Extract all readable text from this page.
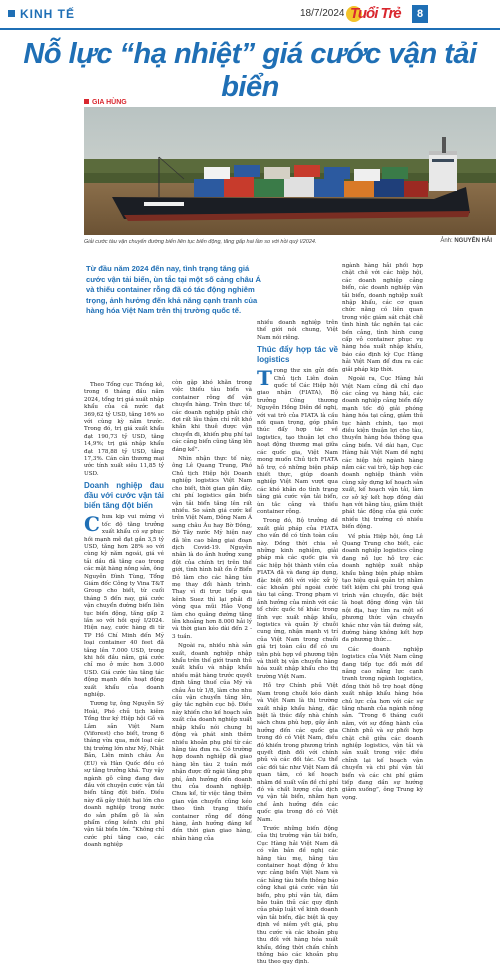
KINH TẾ	18/7/2024 Tuổi Trẻ	8
Nỗ lực “hạ nhiệt” giá cước vận tải biển
GIA HÙNG
Giải cước tàu vận chuyển đường biển liên tục biến động, tăng gấp hai lần so với hồi quý I/2024.	Ảnh: NGUYỄN HẢI
Từ đầu năm 2024 đến nay, tình trạng tăng giá cước vận tải biển, ùn tắc tại một số cảng châu Á và thiếu container rỗng đã có tác động nghiêm trọng, ảnh hưởng đến khả năng cạnh tranh của hàng hóa Việt Nam trên thị trường quốc tế.

Theo Tổng cục Thống kê, trong 6 tháng đầu năm 2024, tổng trị giá xuất nhập khẩu của cả nước đạt 369,62 tỷ USD, tăng 16% so với cùng kỳ năm trước. Trong đó, trị giá xuất khẩu đạt 190,73 tỷ USD, tăng 14,9%; trị giá nhập khẩu đạt 178,88 tỷ USD, tăng 17,3%. Cán cân thương mại ước tính xuất siêu 11,85 tỷ USD.

Doanh nghiệp đau đầu với cước vận tải biển tăng đột biến

Chưa kịp vui mừng vì tốc độ tăng trưởng xuất khẩu có sự phục hồi mạnh mẽ đạt gần 3,5 tỷ USD, tăng hơn 28% so với cùng kỳ năm ngoái, giá vé tải dầu đã tăng cao trong các mặt hàng nông sản, ông Nguyễn Đình Tùng, Tổng Giám đốc Công ty Vina T&T Group cho biết, từ cuối tháng 5 đến nay, giá cước vận chuyển đường biển liên tục biến động, tăng gấp 2 lần so với hồi quý I/2024. Hiện nay, cước hàng đi từ TP Hồ Chí Minh đến Mỹ loại container 40 feet đã tăng lên 7.000 USD, trong khi hồi đầu năm, giá cước chỉ mo ở mức hơn 3.000 USD. Giá cước tàu tăng tác động mạnh đến hoạt động xuất khẩu của doanh nghiệp.

Tương tự, ông Nguyễn Sỹ Hoài, Phó chủ tịch kiêm Tổng thư ký Hiệp hội Gỗ và Lâm sản Việt Nam (Viforest) cho biết, trong 6 tháng vừa qua, mới loại các thị trường lớn như Mỹ, Nhật Bản, Liên minh châu Âu (EU) và Hàn Quốc đều có sự tăng trưởng khá. Tuy vậy ngành gỗ cũng đang đau đầu với chuyện cước vận tải biển tăng đột biến. Điều này đã gây thiệt hại lớn cho doanh nghiệp trong nước do sản phẩm gỗ là sản phẩm cồng kềnh chi phí vận tải biển lớn. “Không chỉ cước phí tăng cao, các doanh nghiệp

còn gặp khó khăn trong việc thiếu tàu biển và container rỗng để vận chuyển hàng. Trên thực tế, các doanh nghiệp phải chờ đợi rất lâu thậm chí rất khó khăn khi thuê được vận chuyển đi, khiến phụ phí tại các cảng biển cũng tăng lên đáng kể”.

Nhìn nhận thực tế này, ông Lê Quang Trung, Phó Chủ tịch Hiệp hội Doanh nghiệp logistics Việt Nam cho biết, thời gian gần đây, chi phí logistics gần biển vận tải biển tăng lên rất nhiều. So sánh giá cước kể trên Việt Nam, Đông Nam Á sang châu Âu hay Bờ Đông, Bờ Tây nước Mỹ hiện nay đã lên cao bằng giai đoạn dịch Covid-19. Nguyên nhân là do ảnh hưởng xung đột của chính trị trên thế giới, tình hình bất ổn ở Biển Đỏ làm cho các hãng tàu mẹ thay đổi hành trình. Thay vì đi trực tiếp qua kênh Suez thì lại phải đi vòng qua mũi Hảo Vọng làm cho quãng đường tăng lên khoảng hơn 8.000 hải lý và thời gian kéo dài đến 2 - 3 tuần.

Ngoài ra, nhiều nhà sản xuất, doanh nghiệp nhập khẩu trên thế giới tranh thủ xuất khẩu và nhập khẩu nhiều mặt hàng trước quyết định tăng thuế của Mỹ và châu Âu từ 1/8, làm cho nhu cầu vận chuyển tăng lên, gây tắc nghẽn cục bộ. Điều này khiến cho kế hoạch sản xuất của doanh nghiệp xuất nhập khẩu nói chung bị động và phát sinh thêm nhiều khoản phụ phí từ các hãng tàu đưa ra. Có trường hợp doanh nghiệp đã giao hàng lên tàu 2 tuần mới nhận được dữ ngài tăng phụ phí, ảnh hưởng đến doanh thu của doanh nghiệp. Chưa kể, từ việc tăng thêm gian vận chuyển cũng kéo theo tình trạng thiếu container rỗng để đóng hàng, ảnh hưởng đáng kể đến thời gian giao hàng, nhân hàng của

nhiều doanh nghiệp trên thế giới nói chung, Việt Nam nói riêng.

Thúc đẩy hợp tác về logistics

Trong thư xin gửi đến Chủ tịch Liên đoàn quốc tế Các Hiệp hội giao nhận (FIATA), Bộ trưởng Công thương Nguyễn Hồng Diên đề nghị, với vai trò của FIATA là cầu nối quan trọng, góp phần thúc đẩy hợp tác về logistics, tạo thuận lợi cho hoạt động thương mại giữa các quốc gia, Việt Nam mong muốn Chủ tịch FIATA hỗ trợ, có những biện pháp thiết thực, giúp doanh nghiệp Việt Nam vượt qua các khó khăn do tình trạng tăng giá cước vận tải biển, ùn tắc cảng và thiếu container rỗng.

Trong đó, Bộ trưởng đề xuất giải pháp của FIATA cho vấn đề có tính toàn cầu này. Đồng thời chia sẻ những kinh nghiệm, giải pháp mà các quốc gia và các hiệp hội thành viên của FIATA đã và đang áp dụng, đặc biệt đối với việc xử lý các khoản phí ngoài cước tàu tại cảng. Trong phạm vi ảnh hưởng của mình với các tổ chức quốc tế khác trong lĩnh vực xuất nhập khẩu, logistics và quản lý chuỗi cung ứng, nhận mạnh vị trí của Việt Nam trong chuỗi giá trị toàn cầu để có ưu tiên phù hợp về phương tiện và thiết bị vận chuyển hàng hóa xuất nhập khẩu cho thị trường Việt Nam.

Hỗ trợ Chính phủ Việt Nam trong chuỗi kéo dành và Việt Nam là thị trường xuất nhập khẩu hàng, đặc biệt là thúc đẩy nhà chính sách chưa phù hợp, gây ảnh hưởng đến các quốc gia trong đó có Việt Nam, điều đó khiến trong phương trình quyết định đối với chính phủ và các đối tác. Cụ thể các đối tác như Việt Nam đã quan tâm, có kế hoạch nhằm đề xuất vấn đề chí phí đó và chất lượng của dịch vụ vận tải biển, nhằm hạn chế ảnh hưởng đến các quốc gia trong đó có Việt Nam.

Trước những biến động của thị trường vận tải biển, Cục Hàng hải Việt Nam đã có văn bản đề nghị các hãng tàu mẹ, hãng tàu container hoạt động ở khu vực cảng biển Việt Nam và các hãng tàu biển thông báo công khai giá cước vận tải biển, phụ phí vận tải, đảm bảo tuân thủ các quy định của pháp luật về kinh doanh vận tải biển, đặc biệt là quy định về niêm yết giá, phụ thu cước và các khoản phụ thu đối với hàng hóa xuất khẩu, đồng thời chấn chỉnh thông báo các khoản phụ thu theo quy định.

ngành hàng hải phối hợp chặt chẽ với các hiệp hội, các doanh nghiệp cảng biển, các doanh nghiệp vận tải biển, doanh nghiệp xuất nhập khẩu, các cơ quan chức năng có liên quan trong việc giám sát chặt chẽ tình hình tắc nghẽn tại các bến cảng, tình hình cung cấp vỏ container phục vụ hàng hóa xuất nhập khẩu, báo cáo định kỳ Cục Hàng hải Việt Nam để đưa ra các giải pháp kịp thời.

Ngoài ra, Cục Hàng hải Việt Nam cũng đã chỉ đạo các cảng vụ hàng hải, các doanh nghiệp cảng biển đẩy mạnh tốc độ giải phóng hàng hóa tại cảng, giảm thủ tục hành chính, tạo mọi điều kiện thuận lợi cho tàu, thuyền hàng hóa thông qua cảng biển. Về dài hạn, Cục Hàng hải Việt Nam đề nghị các hiệp hội ngành hàng nắm các vai trò, tập hợp các doanh nghiệp thành viên cùng xây dựng kế hoạch sản xuất, kế hoạch vận tải, làm cơ sở ký kết hợp đồng dài hạn với hãng tàu, giảm thiệt phát tác động của giá cước nhiều thị trường có nhiều biến động.

Về phía Hiệp hội, ông Lê Quang Trung cho biết, các doanh nghiệp logistics cũng đang nỗ lực hỗ trợ các doanh nghiệp xuất nhập khẩu bằng biện pháp nhằm tạo hiệu quả quản trị nhằm tiết kiệm chi phí trong quá trình vận chuyển, đặc biệt là hoạt động đóng vận tải nội địa, hay tìm ra một số phương thức vận chuyển khác như vận tải đường sắt, đường hàng không kết hợp đa phương thức...

Các doanh nghiệp logistics của Việt Nam cũng đang tiếp tục đổi mới để nâng cao năng lực cạnh tranh trong ngành logistics, đồng thời hỗ trợ hoạt động xuất nhập khẩu hàng hóa chủ lực của hơn với các sự tăng nhanh của ngành nông sản. “Trong 6 tháng cuối năm, với sự đồng hành của Chính phủ và sự phối hợp chặt chẽ giữa các doanh nghiệp logistics, vận tải và sản xuất trong việc điều chỉnh lại kế hoạch vận chuyển và chi phí vận tải biển và các chi phí giảm tiếp đang dần sự hướng giảm xuống”, ông Trung kỳ vọng.
